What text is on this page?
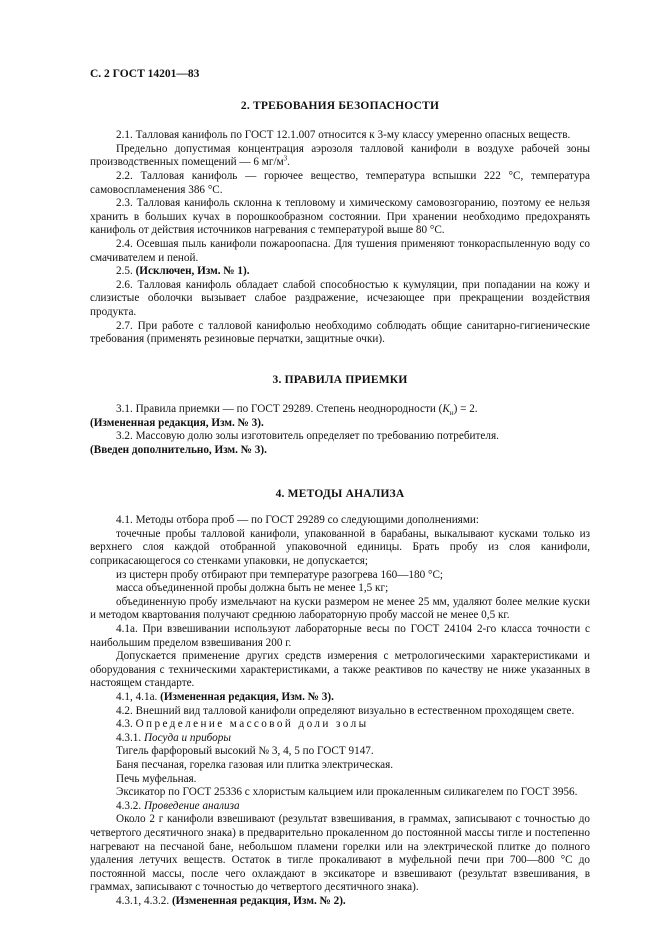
С. 2 ГОСТ 14201—83
2. ТРЕБОВАНИЯ БЕЗОПАСНОСТИ

2.1. Талловая канифоль по ГОСТ 12.1.007 относится к 3-му классу умеренно опасных веществ.

Предельно допустимая концентрация аэрозоля талловой канифоли в воздухе рабочей зоны производственных помещений — 6 $мг/м^3$.

2.2. Талловая канифоль — горючее вещество, температура вспышки 222 °С, температура самовоспламенения 386 °С.

2.3. Талловая канифоль склонна к тепловому и химическому самовозгоранию, поэтому ее нельзя хранить в больших кучах в порошкообразном состоянии. При хранении необходимо предохранять канифоль от действия источников нагревания с температурой выше 80 °С.

2.4. Осевшая пыль канифоли пожароопасна. Для тушения применяют тонкораспыленную воду со смачивателем и пеной.

2.5. (Исключен, Изм. № 1).

2.6. Талловая канифоль обладает слабой способностью к кумуляции, при попадании на кожу и слизистые оболочки вызывает слабое раздражение, исчезающее при прекращении воздействия продукта.

2.7. При работе с талловой канифолью необходимо соблюдать общие санитарно-гигиенические требования (применять резиновые перчатки, защитные очки).

3. ПРАВИЛА ПРИЕМКИ

3.1. Правила приемки — по ГОСТ 29289. Степень неоднородности $(К_н) = 2$.

(Измененная редакция, Изм. № 3).

3.2. Массовую долю золы изготовитель определяет по требованию потребителя.

(Введен дополнительно, Изм. № 3).

4. МЕТОДЫ АНАЛИЗА

4.1. Методы отбора проб — по ГОСТ 29289 со следующими дополнениями:

точечные пробы талловой канифоли, упакованной в барабаны, выкалывают кусками только из верхнего слоя каждой отобранной упаковочной единицы. Брать пробу из слоя канифоли, соприкасающегося со стенками упаковки, не допускается;

из цистерн пробу отбирают при температуре разогрева 160—180 °С;

масса объединенной пробы должна быть не менее 1,5 кг;

объединенную пробу измельчают на куски размером не менее 25 мм, удаляют более мелкие куски и методом квартования получают среднюю лабораторную пробу массой не менее 0,5 кг.

4.1а. При взвешивании используют лабораторные весы по ГОСТ 24104 2-го класса точности с наибольшим пределом взвешивания 200 г.

Допускается применение других средств измерения с метрологическими характеристиками и оборудования с техническими характеристиками, а также реактивов по качеству не ниже указанных в настоящем стандарте.

4.1, 4.1а. (Измененная редакция, Изм. № 3).

4.2. Внешний вид талловой канифоли определяют визуально в естественном проходящем свете.

4.3. Определение массовой доли золы

4.3.1. Посуда и приборы

Тигель фарфоровый высокий № 3, 4, 5 по ГОСТ 9147.

Баня песчаная, горелка газовая или плитка электрическая.

Печь муфельная.

Эксикатор по ГОСТ 25336 с хлористым кальцием или прокаленным силикагелем по ГОСТ 3956.

4.3.2. Проведение анализа

Около 2 г канифоли взвешивают (результат взвешивания, в граммах, записывают с точностью до четвертого десятичного знака) в предварительно прокаленном до постоянной массы тигле и постепенно нагревают на песчаной бане, небольшом пламени горелки или на электрической плитке до полного удаления летучих веществ. Остаток в тигле прокаливают в муфельной печи при 700—800 °С до постоянной массы, после чего охлаждают в эксикаторе и взвешивают (результат взвешивания, в граммах, записывают с точностью до четвертого десятичного знака).

4.3.1, 4.3.2. (Измененная редакция, Изм. № 2).
